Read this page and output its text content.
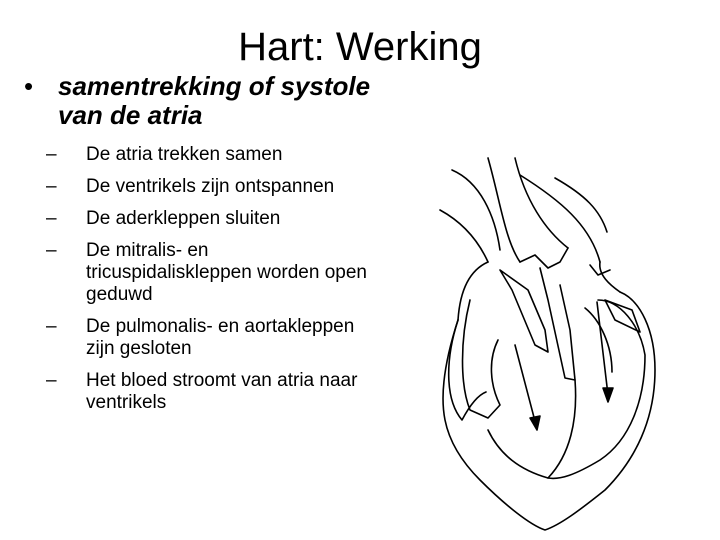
Hart: Werking
• samentrekking of systole
van de atria
–	De atria trekken samen
–	De ventrikels zijn ontspannen
–	De aderkleppen sluiten
–	De mitralis- en
tricuspidaliskleppen worden open
geduwd
–	De pulmonalis- en aortakleppen
zijn gesloten
–	Het bloed stroomt van atria naar
ventrikels
